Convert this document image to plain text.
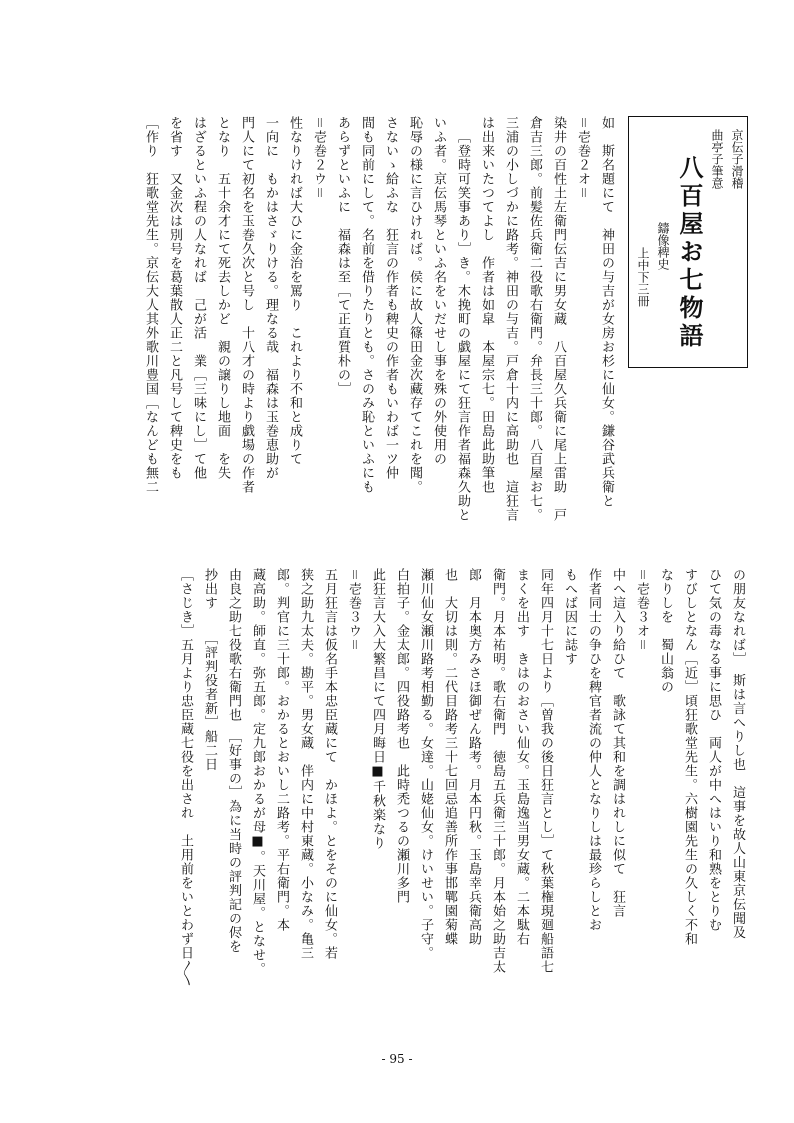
京伝子滑稽
曲亭子筆意
八百屋お七物語
鑄像稗史
上中下三冊
如　斯名題にて　神田の与吉が女房お杉に仙女。鎌谷武兵衛と
＝壱巻２オ＝
染井の百性土左衛門伝吉に男女蔵　八百屋久兵衛に尾上雷助　戸
倉吉三郎。前髪佐兵衛二役歌右衛門。弁長三十郎。八百屋お七。
三浦の小しづかに路考。神田の与吉。戸倉十内に高助也　這狂言
は出来いたつてよし　作者は如皐　本屋宗七。田島此助筆也
［登時可笑事あり］き。木挽町の戯屋にて狂言作者福森久助と
いふ者。京伝馬琴といふ名をいだせし事を殊の外使用の
恥辱の様に言ひければ。侯に故人篠田金次藏存てこれを聞。
さないゝ給ふな　狂言の作者も稗史の作者もいわば一ツ仲
間も同前にして。名前を借りたりとも。さのみ恥といふにも
あらずといふに　福森は至［て正直質朴の］
＝壱巻２ウ＝
性なりければ大ひに金治を罵り　これより不和と成りて
一向に　もかはさゞりける。理なる哉　福森は玉巻恵助が
門人にて初名を玉巻久次と号し　十八才の時より戯場の作者
となり　五十余才にて死去しかど　親の譲りし地面　を失
はざるといふ程の人なれば　己が活　業［三味にし］て他
を省す　又金次は別号を葛葉散人正二と凡号して稗史をも
［作り　狂歌堂先生。京伝大人其外歌川豊国［なんども無二
の朋友なれば］　斯は言へりし也　這事を故人山東京伝聞及
ひて気の毒なる事に思ひ　両人が中へはいり和熟をとりむ
すびしとなん［近］頃狂歌堂先生。六樹園先生の久しく不和
なりしを　蜀山翁の
＝壱巻３オ＝
中へ這入り給ひて　歌詠て其和を調はれしに似て　狂言
作者同士の争ひを稗官者流の仲人となりしは最珍らしとお
もへば因に誌す
同年四月十七日より［曽我の後日狂言とし］て秋葉権現廻船語七
まくを出す　きはのおさい仙女。玉島逸当男女蔵。二本駄右
衛門。月本祐明。歌右衛門　徳島五兵衛三十郎。月本始之助吉太
郎　月本奥方みさほ御ぜん路考。月本円秋。玉島幸兵衛高助
也　大切は則。二代目路考三十七回忌追善所作事邯鄲園菊蝶
瀬川仙女瀬川路考相勤る。女達。山姥仙女。けいせい。子守。
白拍子。金太郎。四役路考也　此時禿つるの瀬川多門
此狂言大入大繁昌にて四月晦日■千秋楽なり
＝壱巻３ウ＝
五月狂言は仮名手本忠臣蔵にて　かほよ。とをそのに仙女。若
狭之助九太夫。勘平。男女蔵　伴内に中村東蔵。小なみ。亀三
郎。判官に三十郎。おかるとおいし二路考。平右衛門。本
蔵高助。師直。弥五郎。定九郎おかるが母■。天川屋。となせ。
由良之助七役歌右衛門也　［好事の］為に当時の評判記の侭を
抄出す　　［評判役者新］船二日
［さじき］五月より忠臣蔵七役を出され　土用前をいとわず日〳〵
- 95 -
